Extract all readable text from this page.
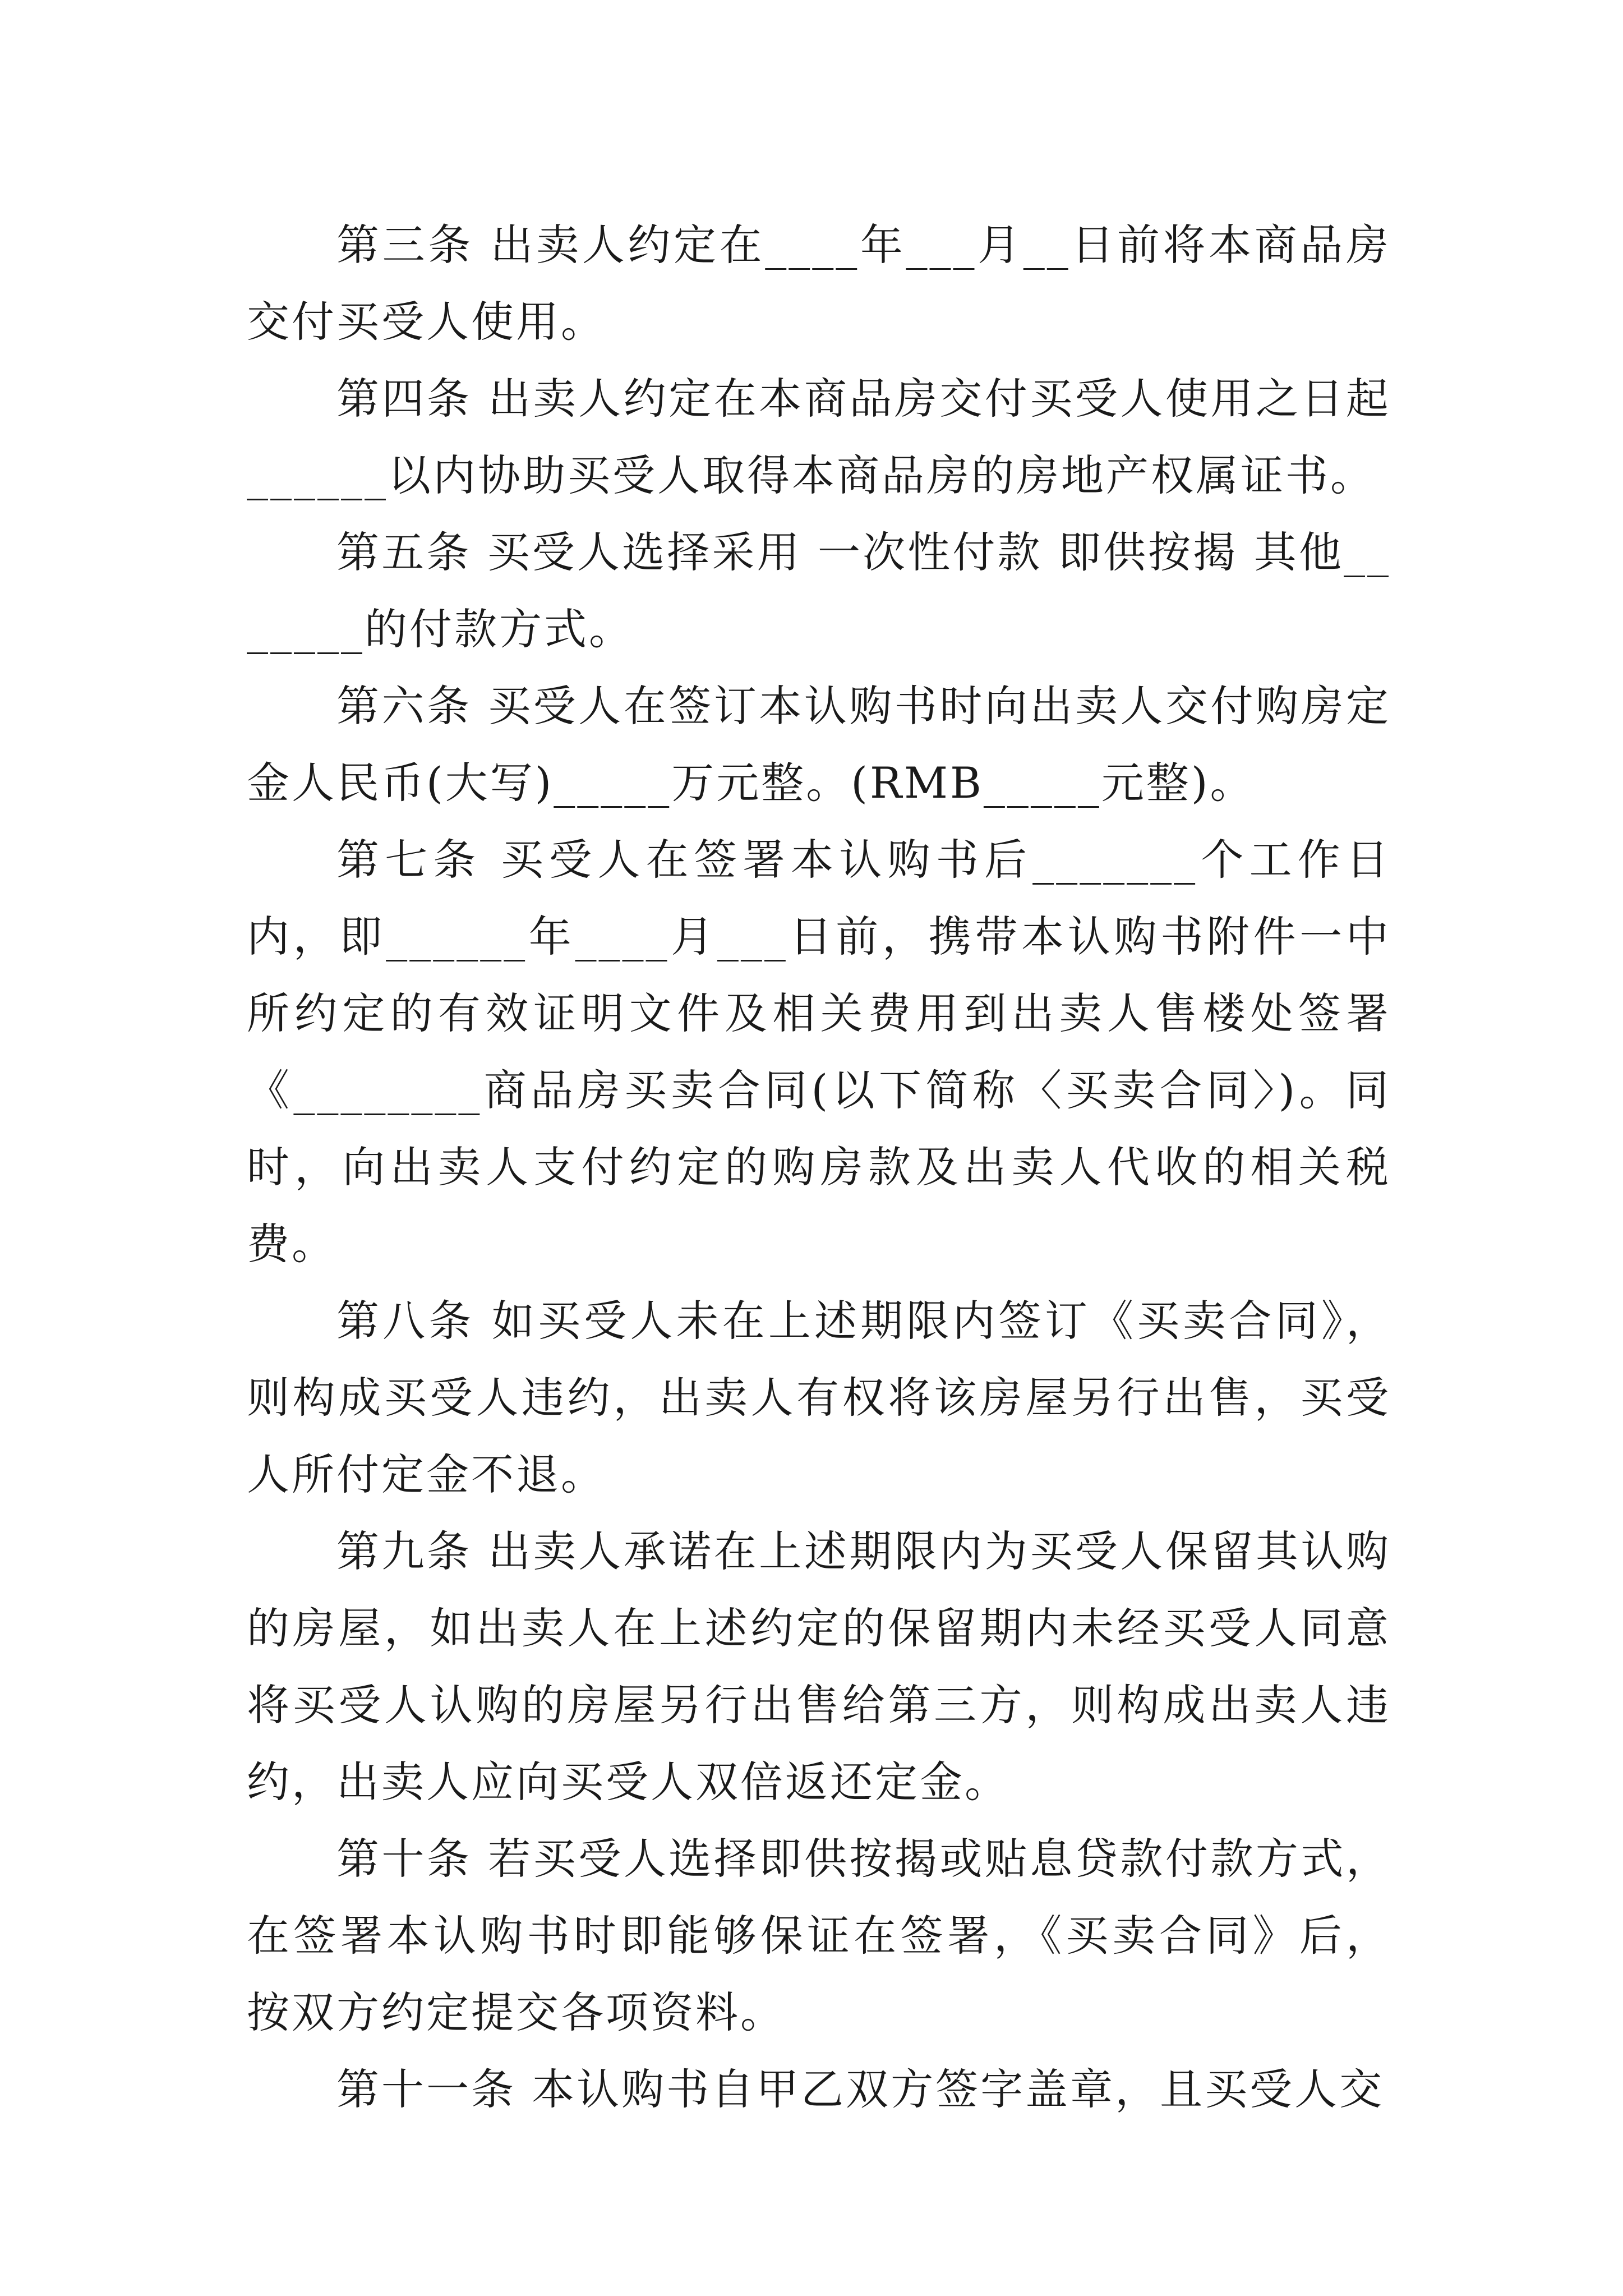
第三条 出卖人约定在____年___月__日前将本商品房交付买受人使用。

第四条 出卖人约定在本商品房交付买受人使用之日起______以内协助买受人取得本商品房的房地产权属证书。

第五条 买受人选择采用 一次性付款 即供按揭 其他_______的付款方式。

第六条 买受人在签订本认购书时向出卖人交付购房定金人民币(大写)_____万元整。(RMB_____元整)。

第七条 买受人在签署本认购书后_______个工作日内，即______年____月___日前，携带本认购书附件一中所约定的有效证明文件及相关费用到出卖人售楼处签署《________商品房买卖合同(以下简称〈买卖合同〉)。同时，向出卖人支付约定的购房款及出卖人代收的相关税费。

第八条 如买受人未在上述期限内签订《买卖合同》，则构成买受人违约，出卖人有权将该房屋另行出售，买受人所付定金不退。

第九条 出卖人承诺在上述期限内为买受人保留其认购的房屋，如出卖人在上述约定的保留期内未经买受人同意将买受人认购的房屋另行出售给第三方，则构成出卖人违约，出卖人应向买受人双倍返还定金。

第十条 若买受人选择即供按揭或贴息贷款付款方式，在签署本认购书时即能够保证在签署，《买卖合同》后，按双方约定提交各项资料。

第十一条 本认购书自甲乙双方签字盖章，且买受人交
